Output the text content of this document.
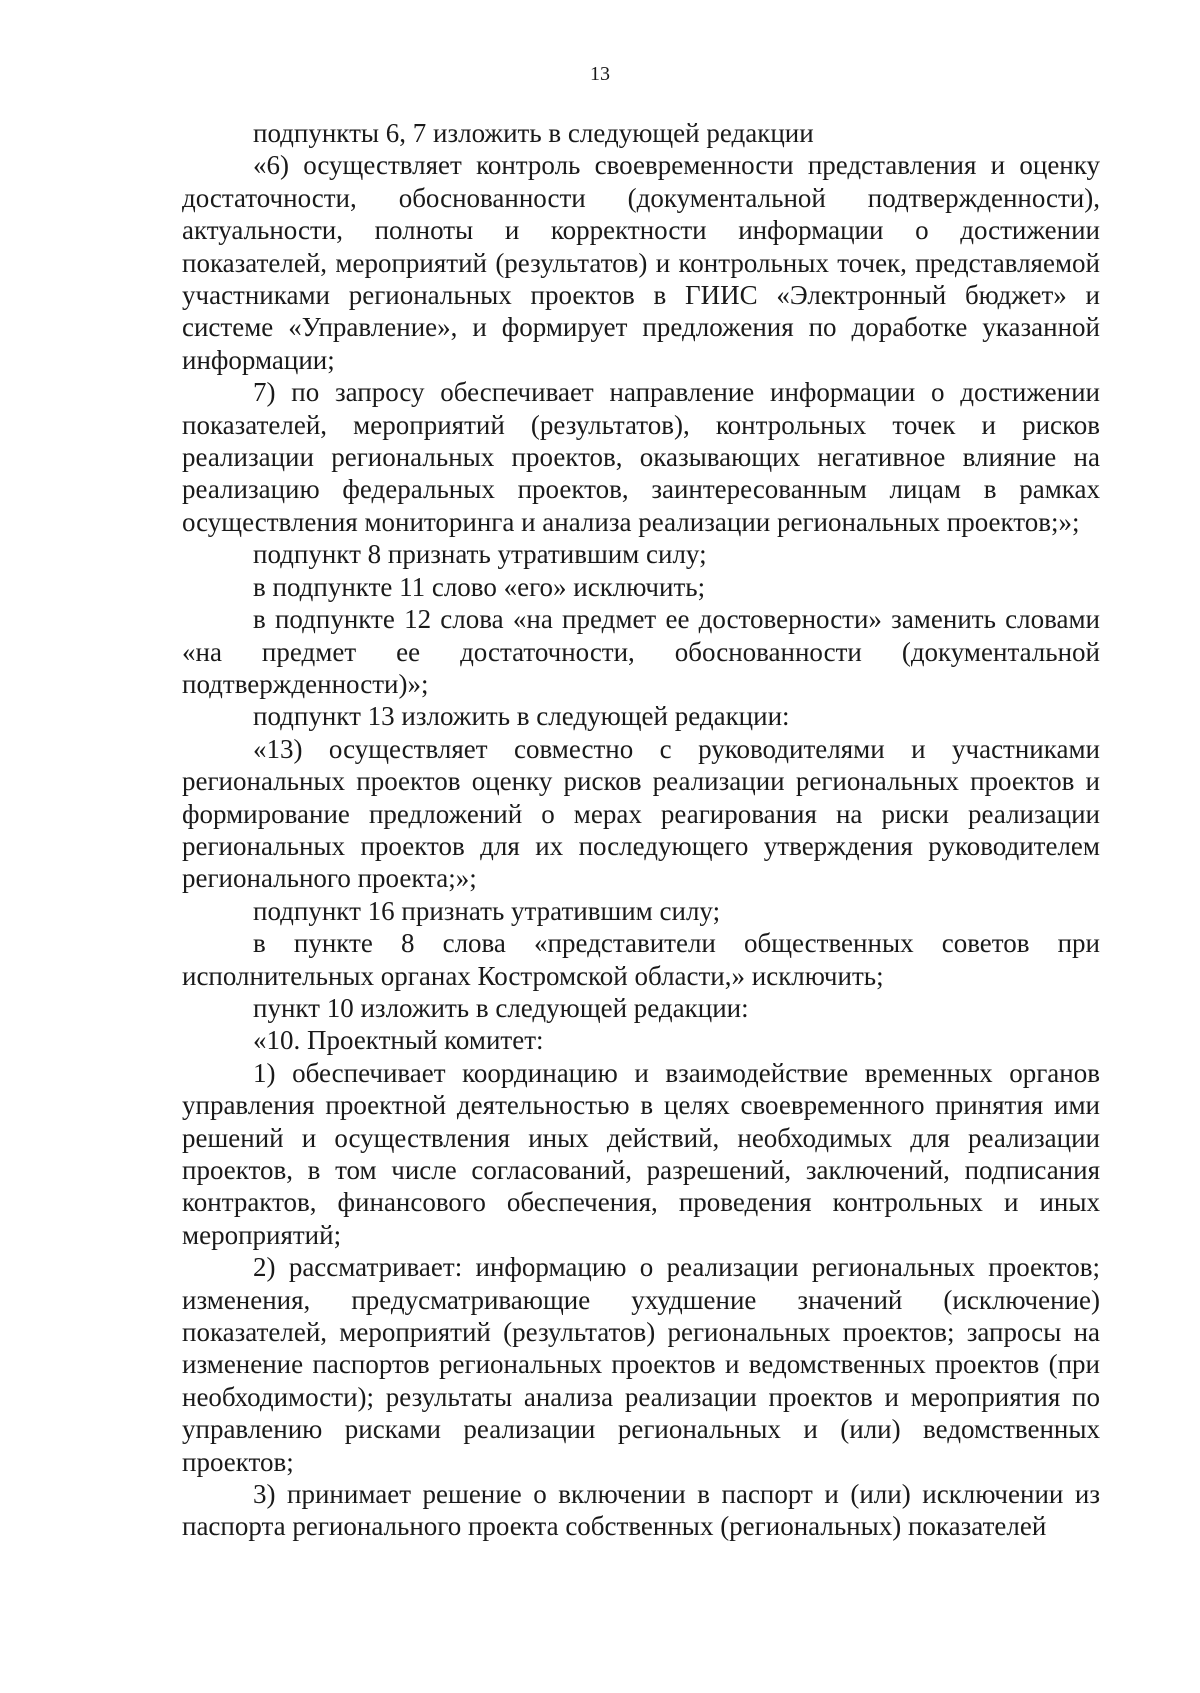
13

подпункты 6, 7 изложить в следующей редакции

«6) осуществляет контроль своевременности представления и оценку достаточности, обоснованности (документальной подтвержденности), актуальности, полноты и корректности информации о достижении показателей, мероприятий (результатов) и контрольных точек, представляемой участниками региональных проектов в ГИИС «Электронный бюджет» и системе «Управление», и формирует предложения по доработке указанной информации;

7) по запросу обеспечивает направление информации о достижении показателей, мероприятий (результатов), контрольных точек и рисков реализации региональных проектов, оказывающих негативное влияние на реализацию федеральных проектов, заинтересованным лицам в рамках осуществления мониторинга и анализа реализации региональных проектов;»;

подпункт 8 признать утратившим силу;

в подпункте 11 слово «его» исключить;

в подпункте 12 слова «на предмет ее достоверности» заменить словами «на предмет ее достаточности, обоснованности (документальной подтвержденности)»;

подпункт 13 изложить в следующей редакции:

«13) осуществляет совместно с руководителями и участниками региональных проектов оценку рисков реализации региональных проектов и формирование предложений о мерах реагирования на риски реализации региональных проектов для их последующего утверждения руководителем регионального проекта;»;

подпункт 16 признать утратившим силу;

в пункте 8 слова «представители общественных советов при исполнительных органах Костромской области,» исключить;

пункт 10 изложить в следующей редакции:

«10. Проектный комитет:

1) обеспечивает координацию и взаимодействие временных органов управления проектной деятельностью в целях своевременного принятия ими решений и осуществления иных действий, необходимых для реализации проектов, в том числе согласований, разрешений, заключений, подписания контрактов, финансового обеспечения, проведения контрольных и иных мероприятий;

2) рассматривает: информацию о реализации региональных проектов; изменения, предусматривающие ухудшение значений (исключение) показателей, мероприятий (результатов) региональных проектов; запросы на изменение паспортов региональных проектов и ведомственных проектов (при необходимости); результаты анализа реализации проектов и мероприятия по управлению рисками реализации региональных и (или) ведомственных проектов;

3) принимает решение о включении в паспорт и (или) исключении из паспорта регионального проекта собственных (региональных) показателей
